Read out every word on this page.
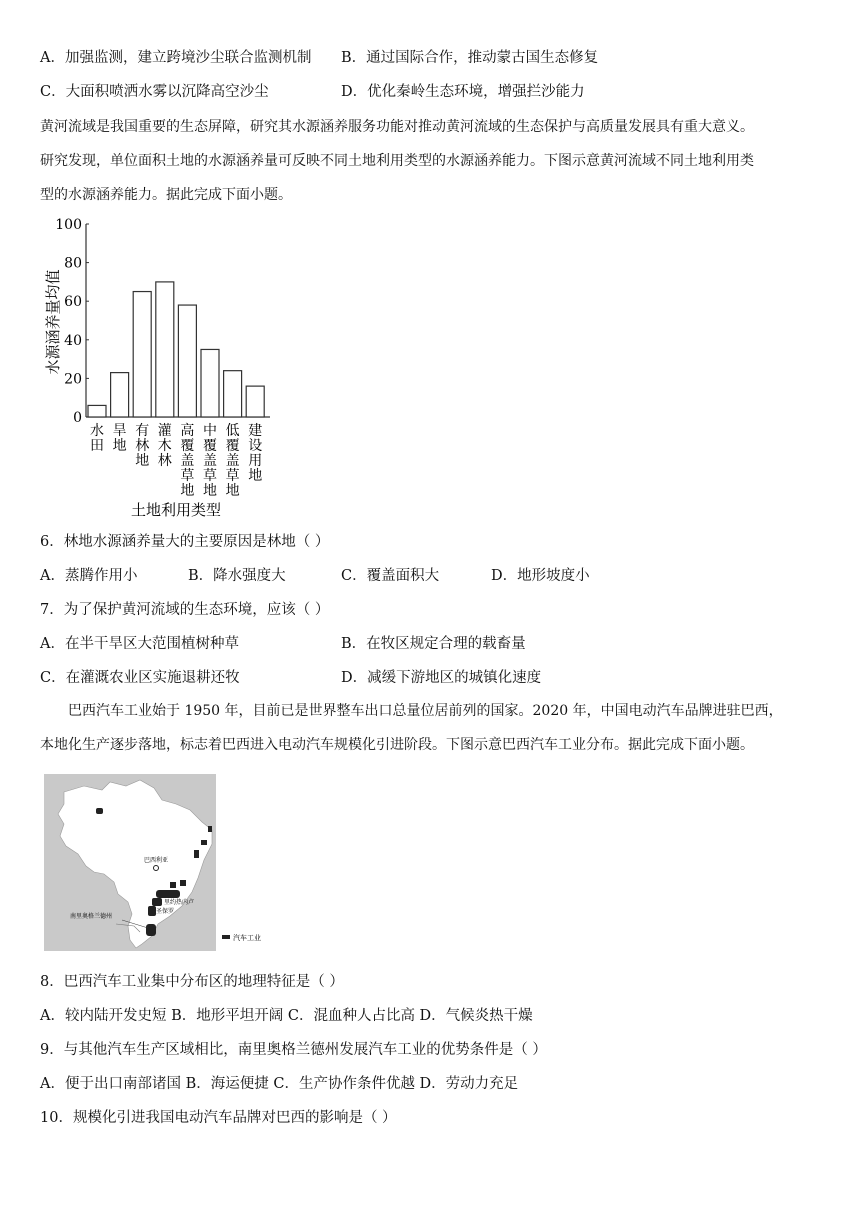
A．加强监测，建立跨境沙尘联合监测机制 B．通过国际合作，推动蒙古国生态修复
C．大面积喷洒水雾以沉降高空沙尘	D．优化秦岭生态环境，增强拦沙能力
黄河流域是我国重要的生态屏障，研究其水源涵养服务功能对推动黄河流域的生态保护与高质量发展具有重大意义。
研究发现，单位面积土地的水源涵养量可反映不同土地利用类型的水源涵养能力。下图示意黄河流域不同土地利用类
型的水源涵养能力。据此完成下面小题。
水源涵养量均值
0
20
40
60
80
100
水田
旱地
有林地
灌木林
高覆盖草地
中覆盖草地
低覆盖草地
建设用地
土地利用类型
6．林地水源涵养量大的主要原因是林地（ ）
A．蒸腾作用小	B．降水强度大	C．覆盖面积大	D．地形坡度小
7．为了保护黄河流域的生态环境，应该（ ）
A．在半干旱区大范围植树种草	B．在牧区规定合理的载畜量
C．在灌溉农业区实施退耕还牧	D．减缓下游地区的城镇化速度
巴西汽车工业始于 1950 年，目前已是世界整车出口总量位居前列的国家。2020 年，中国电动汽车品牌进驻巴西，
本地化生产逐步落地，标志着巴西进入电动汽车规模化引进阶段。下图示意巴西汽车工业分布。据此完成下面小题。
巴西利亚
里约热内卢
圣保罗
南里奥格兰德州
汽车工业
8．巴西汽车工业集中分布区的地理特征是（ ）
A．较内陆开发史短 B．地形平坦开阔 C．混血种人占比高 D．气候炎热干燥
9．与其他汽车生产区域相比，南里奥格兰德州发展汽车工业的优势条件是（ ）
A．便于出口南部诸国 B．海运便捷 C．生产协作条件优越 D．劳动力充足
10．规模化引进我国电动汽车品牌对巴西的影响是（ ）
